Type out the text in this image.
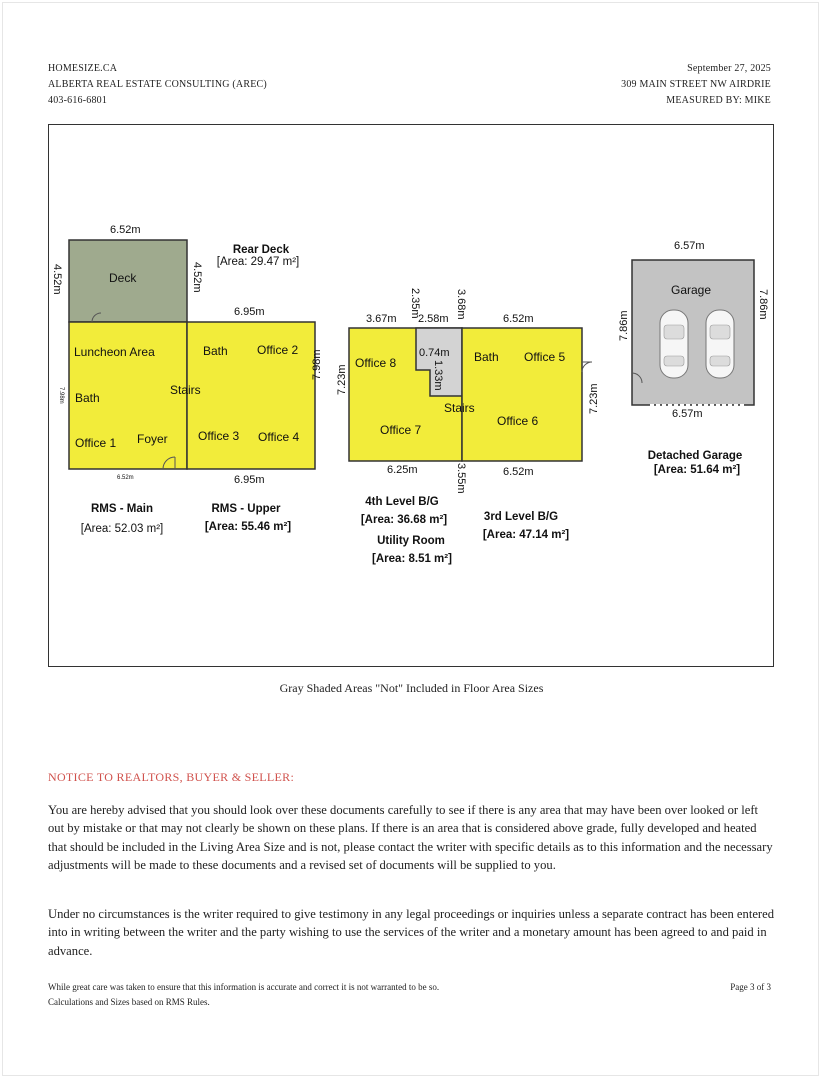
HOMESIZE.CA
ALBERTA REAL ESTATE CONSULTING (AREC)
403-616-6801
September 27, 2025
309 MAIN STREET NW AIRDRIE
MEASURED BY: MIKE
Deck
Luncheon Area
Bath
Office 1 Foyer
Bath Office 2
Stairs
Office 3 Office 4
Office 8
Office 7
Bath Office 5
Stairs
Office 6
Garage
6.52m
4.52m
7.98m
6.52m
4.52m
6.95m
6.95m
7.98m
3.67m
2.35m
2.58m 3.68m
7.23m
0.74m
1.33m
6.25m	3.55m
6.52m
6.52m
7.23m
6.57m
6.57m
7.86m
7.86m
Rear Deck
[Area: 29.47 m²]
RMS - Main
[Area: 52.03 m²]
RMS - Upper
[Area: 55.46 m²]
4th Level B/G
[Area: 36.68 m²]
Utility Room
[Area: 8.51 m²]
3rd Level B/G
[Area: 47.14 m²]
Detached Garage
[Area: 51.64 m²]
Gray Shaded Areas "Not" Included in Floor Area Sizes
NOTICE TO REALTORS, BUYER & SELLER:
You are hereby advised that you should look over these documents carefully to see if there is any area that may have been over looked or left out by mistake or that may not clearly be shown on these plans. If there is an area that is considered above grade, fully developed and heated that should be included in the Living Area Size and is not, please contact the writer with specific details as to this information and the necessary adjustments will be made to these documents and a revised set of documents will be supplied to you.
Under no circumstances is the writer required to give testimony in any legal proceedings or inquiries unless a separate contract has been entered into in writing between the writer and the party wishing to use the services of the writer and a monetary amount has been agreed to and paid in advance.
While great care was taken to ensure that this information is accurate and correct it is not warranted to be so.
Calculations and Sizes based on RMS Rules.
Page 3 of 3
